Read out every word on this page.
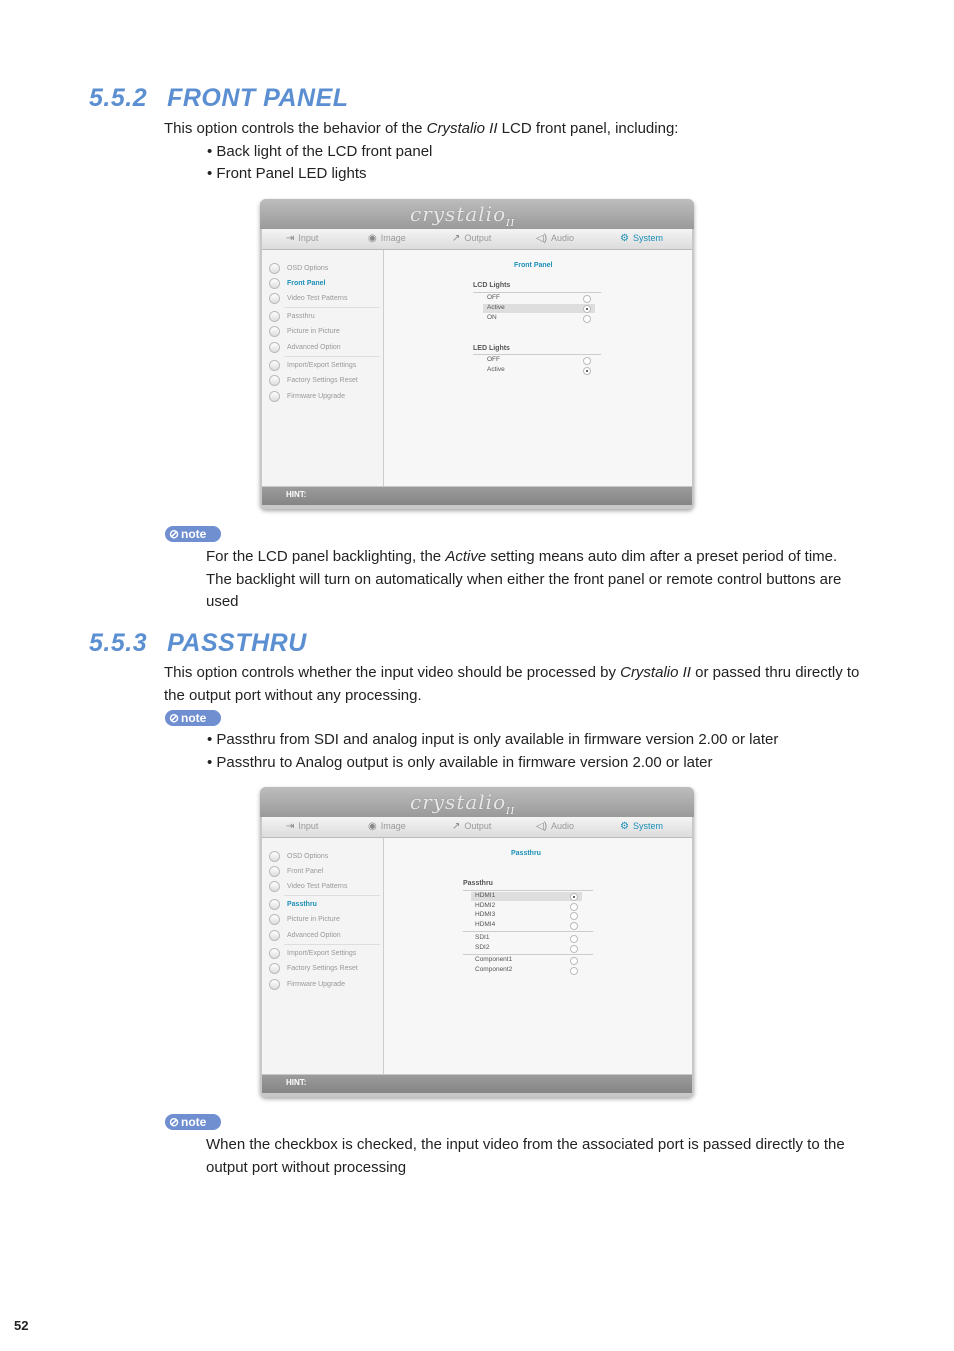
5.5.2 FRONT PANEL
This option controls the behavior of the Crystalio II LCD front panel, including:
• Back light of the LCD front panel
• Front Panel LED lights
crystalio$_{II}$
⇥ Input	◉ Image	↗ Output	◁) Audio	⚙ System
OSD Options
Front Panel
Video Test Patterns
Passthru
Picture in Picture
Advanced Option
Import/Export Settings
Factory Settings Reset
Firmware Upgrade
Front Panel
LCD Lights
OFF
Active
ON
LED Lights
OFF
Active
HINT:
⊘ note
For the LCD panel backlighting, the Active setting means auto dim after a preset period of time. The backlight will turn on automatically when either the front panel or remote control buttons are used
5.5.3 PASSTHRU
This option controls whether the input video should be processed by Crystalio II or passed thru directly to the output port without any processing.
⊘ note
• Passthru from SDI and analog input is only available in firmware version 2.00 or later
• Passthru to Analog output is only available in firmware version 2.00 or later
crystalio$_{II}$
⇥ Input	◉ Image	↗ Output	◁) Audio	⚙ System
OSD Options
Front Panel
Video Test Patterns
Passthru
Picture in Picture
Advanced Option
Import/Export Settings
Factory Settings Reset
Firmware Upgrade
Passthru
Passthru
HDMI1
HDMI2
HDMI3
HDMI4
SDI1
SDI2
Component1
Component2
HINT:
⊘ note
When the checkbox is checked, the input video from the associated port is passed directly to the output port without processing
52
